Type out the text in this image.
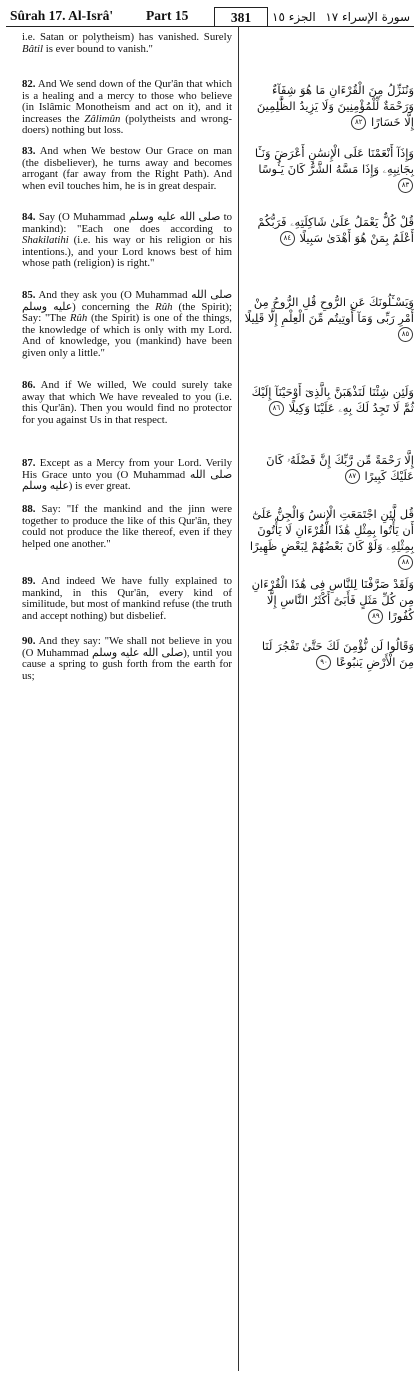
Sûrah 17. Al-Isrâ' Part 15	381	الجزء ١٥ سورة الإسراء ١٧
i.e. Satan or polytheism) has vanished. Surely Bâtil is ever bound to vanish."
82. And We send down of the Qur'ân that which is a healing and a mercy to those who believe (in Islâmic Monotheism and act on it), and it increases the Zâlimûn (polytheists and wrong-doers) nothing but loss.
83. And when We bestow Our Grace on man (the disbeliever), he turns away and becomes arrogant (far away from the Right Path). And when evil touches him, he is in great despair.
84. Say (O Muhammad صلى الله عليه وسلم to mankind): "Each one does according to Shakilatihi (i.e. his way or his religion or his intentions.), and your Lord knows best of him whose path (religion) is right."
85. And they ask you (O Muhammad صلى الله عليه وسلم) concerning the Rûh (the Spirit); Say: "The Rûh (the Spirit) is one of the things, the knowledge of which is only with my Lord. And of knowledge, you (mankind) have been given only a little."
86. And if We willed, We could surely take away that which We have revealed to you (i.e. this Qur'ân). Then you would find no protector for you against Us in that respect.
87. Except as a Mercy from your Lord. Verily His Grace unto you (O Muhammad صلى الله عليه وسلم) is ever great.
88. Say: "If the mankind and the jinn were together to produce the like of this Qur'ân, they could not produce the like thereof, even if they helped one another."
89. And indeed We have fully explained to mankind, in this Qur'ân, every kind of similitude, but most of mankind refuse (the truth and accept nothing) but disbelief.
90. And they say: "We shall not believe in you (O Muhammad صلى الله عليه وسلم), until you cause a spring to gush forth from the earth for us;
وَنُنَزِّلُ مِنَ الْقُرْءَانِ مَا هُوَ شِفَآءٌ وَرَحْمَةٌ لِّلْمُؤْمِنِينَ وَلَا يَزِيدُ الظَّٰلِمِينَ إِلَّا خَسَارًا ٨٢
وَإِذَآ أَنْعَمْنَا عَلَى الْإِنسَٰنِ أَعْرَضَ وَنَـَٔا بِجَانِبِهِۦ وَإِذَا مَسَّهُ الشَّرُّ كَانَ يَـُٔوسًا ٨٣
قُلْ كُلٌّ يَعْمَلُ عَلَىٰ شَاكِلَتِهِۦ فَرَبُّكُمْ أَعْلَمُ بِمَنْ هُوَ أَهْدَىٰ سَبِيلًا ٨٤
وَيَسْـَٔلُونَكَ عَنِ الرُّوحِ قُلِ الرُّوحُ مِنْ أَمْرِ رَبِّى وَمَآ أُوتِيتُم مِّنَ الْعِلْمِ إِلَّا قَلِيلًا ٨٥
وَلَئِن شِئْنَا لَنَذْهَبَنَّ بِالَّذِىٓ أَوْحَيْنَآ إِلَيْكَ ثُمَّ لَا تَجِدُ لَكَ بِهِۦ عَلَيْنَا وَكِيلًا ٨٦
إِلَّا رَحْمَةً مِّن رَّبِّكَ إِنَّ فَضْلَهُۥ كَانَ عَلَيْكَ كَبِيرًا ٨٧
قُل لَّئِنِ اجْتَمَعَتِ الْإِنسُ وَالْجِنُّ عَلَىٰٓ أَن يَأْتُوا بِمِثْلِ هَٰذَا الْقُرْءَانِ لَا يَأْتُونَ بِمِثْلِهِۦ وَلَوْ كَانَ بَعْضُهُمْ لِبَعْضٍ ظَهِيرًا ٨٨
وَلَقَدْ صَرَّفْنَا لِلنَّاسِ فِى هَٰذَا الْقُرْءَانِ مِن كُلِّ مَثَلٍ فَأَبَىٰٓ أَكْثَرُ النَّاسِ إِلَّا كُفُورًا ٨٩
وَقَالُوا لَن نُّؤْمِنَ لَكَ حَتَّىٰ تَفْجُرَ لَنَا مِنَ الْأَرْضِ يَنبُوعًا ٩٠
